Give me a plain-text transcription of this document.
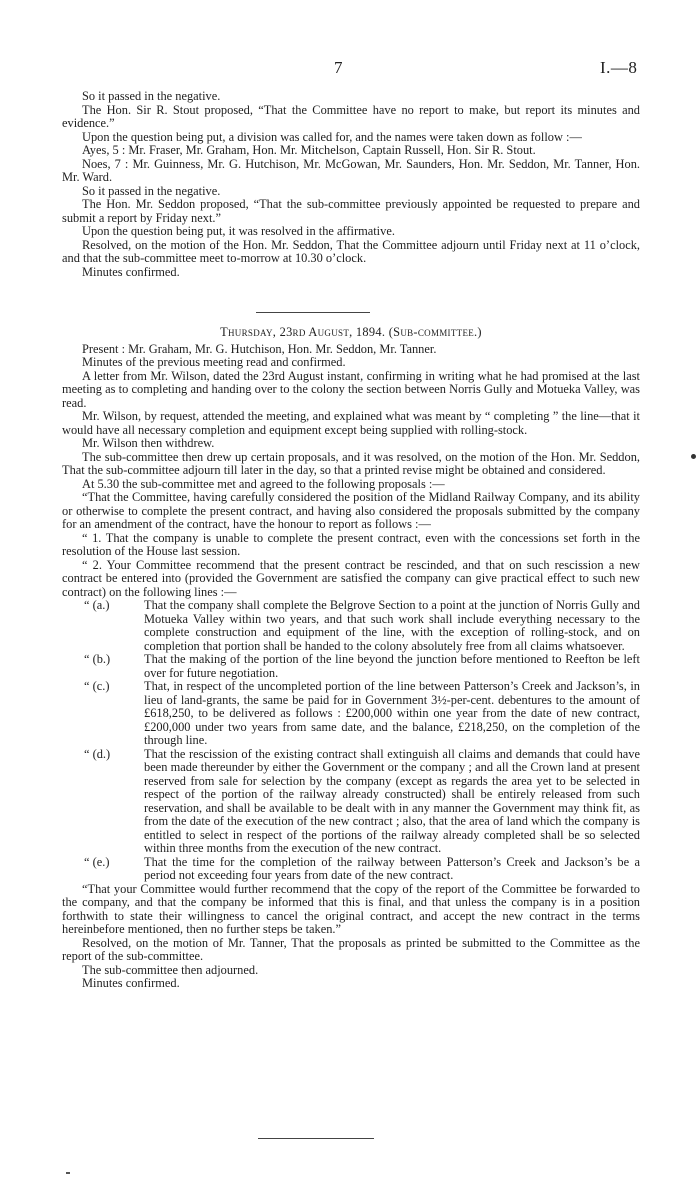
7	I.—8

So it passed in the negative.

The Hon. Sir R. Stout proposed, “That the Committee have no report to make, but report its minutes and evidence.”

Upon the question being put, a division was called for, and the names were taken down as follow :—

Ayes, 5 : Mr. Fraser, Mr. Graham, Hon. Mr. Mitchelson, Captain Russell, Hon. Sir R. Stout.

Noes, 7 : Mr. Guinness, Mr. G. Hutchison, Mr. McGowan, Mr. Saunders, Hon. Mr. Seddon, Mr. Tanner, Hon. Mr. Ward.

So it passed in the negative.

The Hon. Mr. Seddon proposed, “That the sub-committee previously appointed be requested to prepare and submit a report by Friday next.”

Upon the question being put, it was resolved in the affirmative.

Resolved, on the motion of the Hon. Mr. Seddon, That the Committee adjourn until Friday next at 11 o’clock, and that the sub-committee meet to-morrow at 10.30 o’clock.

Minutes confirmed.

Thursday, 23rd August, 1894. (Sub-committee.)

Present : Mr. Graham, Mr. G. Hutchison, Hon. Mr. Seddon, Mr. Tanner.

Minutes of the previous meeting read and confirmed.

A letter from Mr. Wilson, dated the 23rd August instant, confirming in writing what he had promised at the last meeting as to completing and handing over to the colony the section between Norris Gully and Motueka Valley, was read.

Mr. Wilson, by request, attended the meeting, and explained what was meant by “ completing ” the line—that it would have all necessary completion and equipment except being supplied with rolling-stock.

Mr. Wilson then withdrew.

The sub-committee then drew up certain proposals, and it was resolved, on the motion of the Hon. Mr. Seddon, That the sub-committee adjourn till later in the day, so that a printed revise might be obtained and considered.

At 5.30 the sub-committee met and agreed to the following proposals :—

“That the Committee, having carefully considered the position of the Midland Railway Company, and its ability or otherwise to complete the present contract, and having also considered the proposals submitted by the company for an amendment of the contract, have the honour to report as follows :—

“ 1. That the company is unable to complete the present contract, even with the concessions set forth in the resolution of the House last session.

“ 2. Your Committee recommend that the present contract be rescinded, and that on such rescission a new contract be entered into (provided the Government are satisfied the company can give practical effect to such new contract) on the following lines :—

“ (a.)	That the company shall complete the Belgrove Section to a point at the junction of Norris Gully and Motueka Valley within two years, and that such work shall include everything necessary to the complete construction and equipment of the line, with the exception of rolling-stock, and on completion that portion shall be handed to the colony absolutely free from all claims whatsoever.
“ (b.)	That the making of the portion of the line beyond the junction before mentioned to Reefton be left over for future negotiation.
“ (c.)	That, in respect of the uncompleted portion of the line between Patterson’s Creek and Jackson’s, in lieu of land-grants, the same be paid for in Government 3½-per-cent. debentures to the amount of £618,250, to be delivered as follows : £200,000 within one year from the date of new contract, £200,000 under two years from same date, and the balance, £218,250, on the completion of the through line.
“ (d.)	That the rescission of the existing contract shall extinguish all claims and demands that could have been made thereunder by either the Government or the company ; and all the Crown land at present reserved from sale for selection by the company (except as regards the area yet to be selected in respect of the portion of the railway already constructed) shall be entirely released from such reservation, and shall be available to be dealt with in any manner the Government may think fit, as from the date of the execution of the new contract ; also, that the area of land which the company is entitled to select in respect of the portions of the railway already completed shall be so selected within three months from the execution of the new contract.
“ (e.)	That the time for the completion of the railway between Patterson’s Creek and Jackson’s be a period not exceeding four years from date of the new contract.

“That your Committee would further recommend that the copy of the report of the Committee be forwarded to the company, and that the company be informed that this is final, and that unless the company is in a position forthwith to state their willingness to cancel the original contract, and accept the new contract in the terms hereinbefore mentioned, then no further steps be taken.”

Resolved, on the motion of Mr. Tanner, That the proposals as printed be submitted to the Committee as the report of the sub-committee.

The sub-committee then adjourned.

Minutes confirmed.
